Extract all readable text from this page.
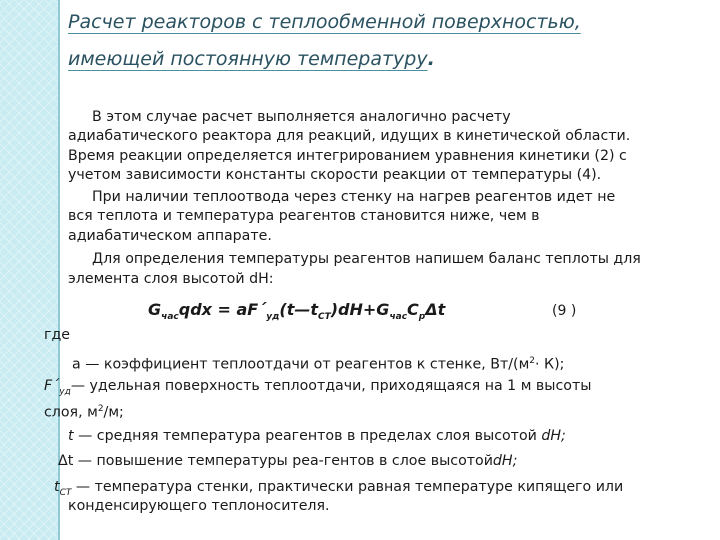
Расчет реакторов с теплообменной поверхностью,
имеющей постоянную температуру.
В этом случае расчет выполняется аналогично расчету
адиабатического реактора для реакций, идущих в кинетической области.
Время реакции определяется интегрированием уравнения кинетики (2) с
учетом зависимости константы скорости реакции от температуры (4).
При наличии теплоотвода через стенку на нагрев реагентов идет не
вся теплота и температура реагентов становится ниже, чем в
адиабатическом аппарате.
Для определения температуры реагентов напишем баланс теплоты для
элемента слоя высотой dH:
$G_{час}qdx$ = $aF´_{уд}(t—t_{CT})dH+G_{час}C_p\Delta t$	(9 )
где
a — коэффициент теплоотдачи от реагентов к стенке, $Вт/(м^2\cdot К)$;
$F´_{уд}—$ удельная поверхность теплоотдачи, приходящаяся на 1 м высоты
слоя, $м^2/м$;
t — средняя температура реагентов в пределах слоя высотой dH;
Δt — повышение температуры реа-гентов в слое высотойdH;
$t_{CT}$ — температура стенки, практически равная температуре кипящего или
конденсирующего теплоносителя.
